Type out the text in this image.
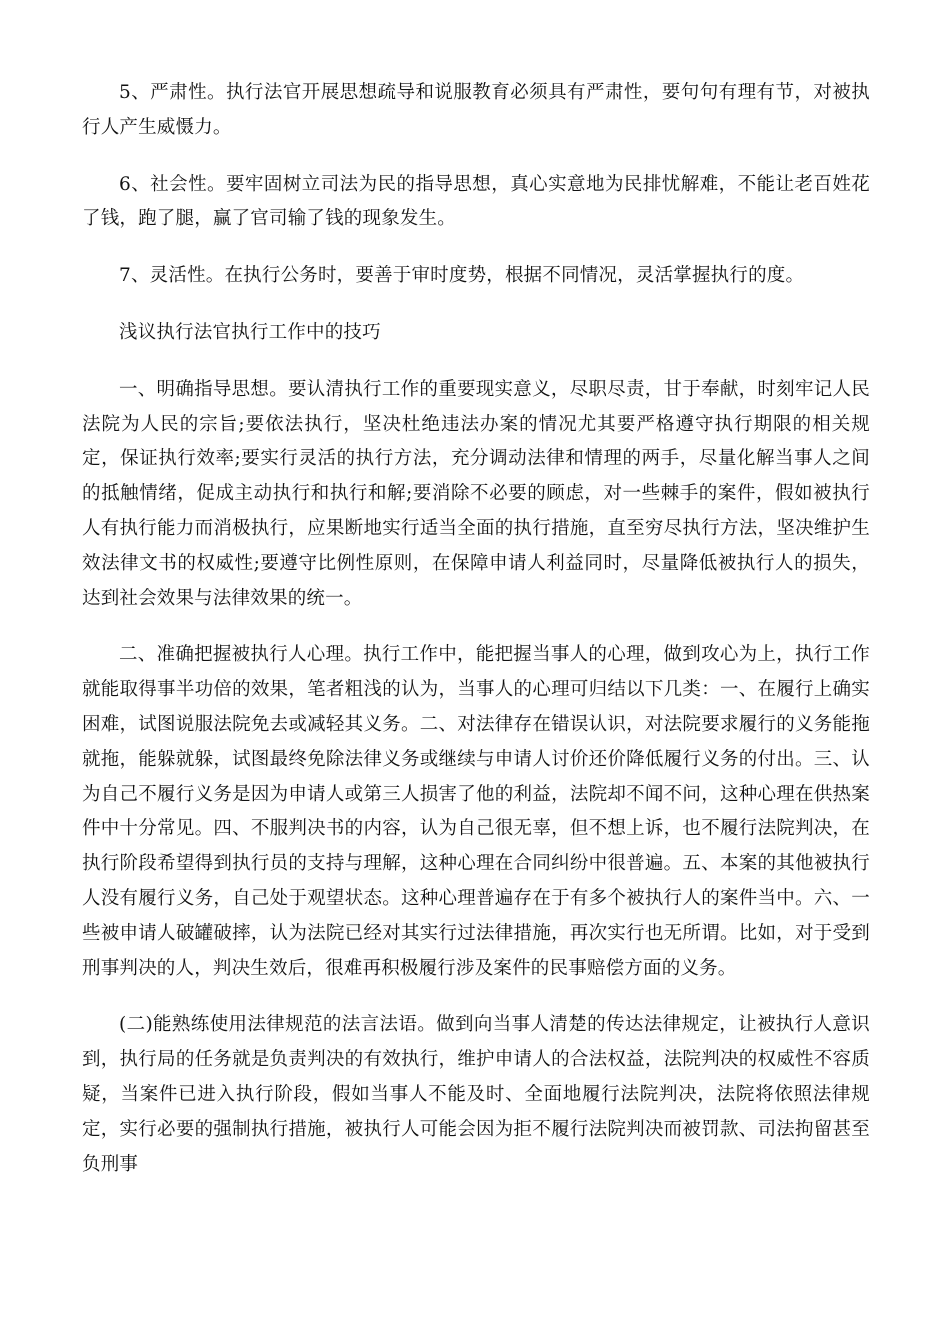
5、严肃性。执行法官开展思想疏导和说服教育必须具有严肃性，要句句有理有节，对被执行人产生威慑力。

6、社会性。要牢固树立司法为民的指导思想，真心实意地为民排忧解难，不能让老百姓花了钱，跑了腿，赢了官司输了钱的现象发生。

7、灵活性。在执行公务时，要善于审时度势，根据不同情况，灵活掌握执行的度。

浅议执行法官执行工作中的技巧

一、明确指导思想。要认清执行工作的重要现实意义，尽职尽责，甘于奉献，时刻牢记人民法院为人民的宗旨;要依法执行，坚决杜绝违法办案的情况尤其要严格遵守执行期限的相关规定，保证执行效率;要实行灵活的执行方法，充分调动法律和情理的两手，尽量化解当事人之间的抵触情绪，促成主动执行和执行和解;要消除不必要的顾虑，对一些棘手的案件，假如被执行人有执行能力而消极执行，应果断地实行适当全面的执行措施，直至穷尽执行方法，坚决维护生效法律文书的权威性;要遵守比例性原则，在保障申请人利益同时，尽量降低被执行人的损失，达到社会效果与法律效果的统一。

二、准确把握被执行人心理。执行工作中，能把握当事人的心理，做到攻心为上，执行工作就能取得事半功倍的效果，笔者粗浅的认为，当事人的心理可归结以下几类：一、在履行上确实困难，试图说服法院免去或减轻其义务。二、对法律存在错误认识，对法院要求履行的义务能拖就拖，能躲就躲，试图最终免除法律义务或继续与申请人讨价还价降低履行义务的付出。三、认为自己不履行义务是因为申请人或第三人损害了他的利益，法院却不闻不问，这种心理在供热案件中十分常见。四、不服判决书的内容，认为自己很无辜，但不想上诉，也不履行法院判决，在执行阶段希望得到执行员的支持与理解，这种心理在合同纠纷中很普遍。五、本案的其他被执行人没有履行义务，自己处于观望状态。这种心理普遍存在于有多个被执行人的案件当中。六、一些被申请人破罐破摔，认为法院已经对其实行过法律措施，再次实行也无所谓。比如，对于受到刑事判决的人，判决生效后，很难再积极履行涉及案件的民事赔偿方面的义务。

(二)能熟练使用法律规范的法言法语。做到向当事人清楚的传达法律规定，让被执行人意识到，执行局的任务就是负责判决的有效执行，维护申请人的合法权益，法院判决的权威性不容质疑，当案件已进入执行阶段，假如当事人不能及时、全面地履行法院判决，法院将依照法律规定，实行必要的强制执行措施，被执行人可能会因为拒不履行法院判决而被罚款、司法拘留甚至负刑事
